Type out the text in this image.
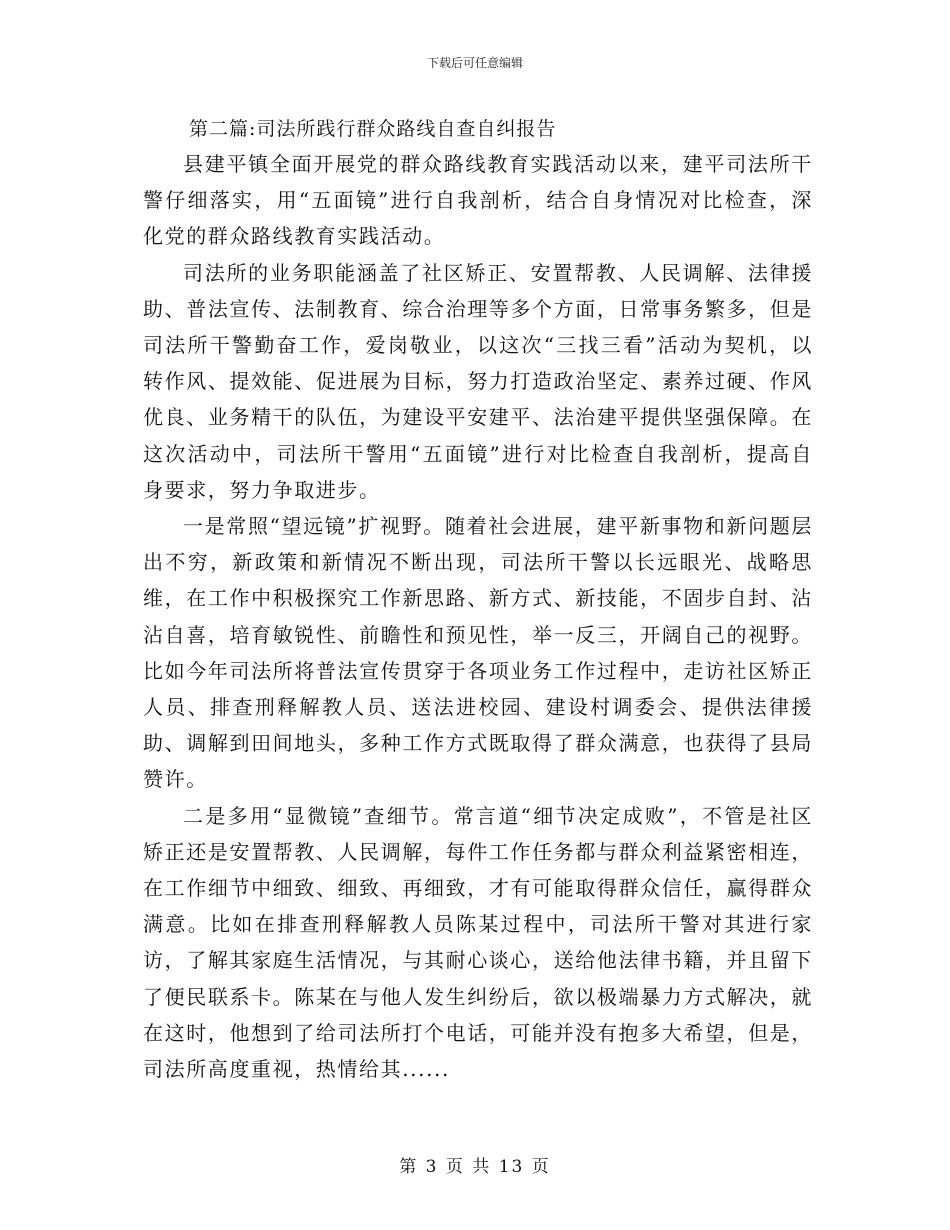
下载后可任意编辑
第二篇:司法所践行群众路线自查自纠报告

县建平镇全面开展党的群众路线教育实践活动以来，建平司法所干警仔细落实，用“五面镜”进行自我剖析，结合自身情况对比检查，深化党的群众路线教育实践活动。

司法所的业务职能涵盖了社区矫正、安置帮教、人民调解、法律援助、普法宣传、法制教育、综合治理等多个方面，日常事务繁多，但是司法所干警勤奋工作，爱岗敬业，以这次“三找三看”活动为契机，以转作风、提效能、促进展为目标，努力打造政治坚定、素养过硬、作风优良、业务精干的队伍，为建设平安建平、法治建平提供坚强保障。在这次活动中，司法所干警用“五面镜”进行对比检查自我剖析，提高自身要求，努力争取进步。

一是常照“望远镜”扩视野。随着社会进展，建平新事物和新问题层出不穷，新政策和新情况不断出现，司法所干警以长远眼光、战略思维，在工作中积极探究工作新思路、新方式、新技能，不固步自封、沾沾自喜，培育敏锐性、前瞻性和预见性，举一反三，开阔自己的视野。比如今年司法所将普法宣传贯穿于各项业务工作过程中，走访社区矫正人员、排查刑释解教人员、送法进校园、建设村调委会、提供法律援助、调解到田间地头，多种工作方式既取得了群众满意，也获得了县局赞许。

二是多用“显微镜”查细节。常言道“细节决定成败”，不管是社区矫正还是安置帮教、人民调解，每件工作任务都与群众利益紧密相连，在工作细节中细致、细致、再细致，才有可能取得群众信任，赢得群众满意。比如在排查刑释解教人员陈某过程中，司法所干警对其进行家访，了解其家庭生活情况，与其耐心谈心，送给他法律书籍，并且留下了便民联系卡。陈某在与他人发生纠纷后，欲以极端暴力方式解决，就在这时，他想到了给司法所打个电话，可能并没有抱多大希望，但是，司法所高度重视，热情给其......

第 3 页 共 13 页
